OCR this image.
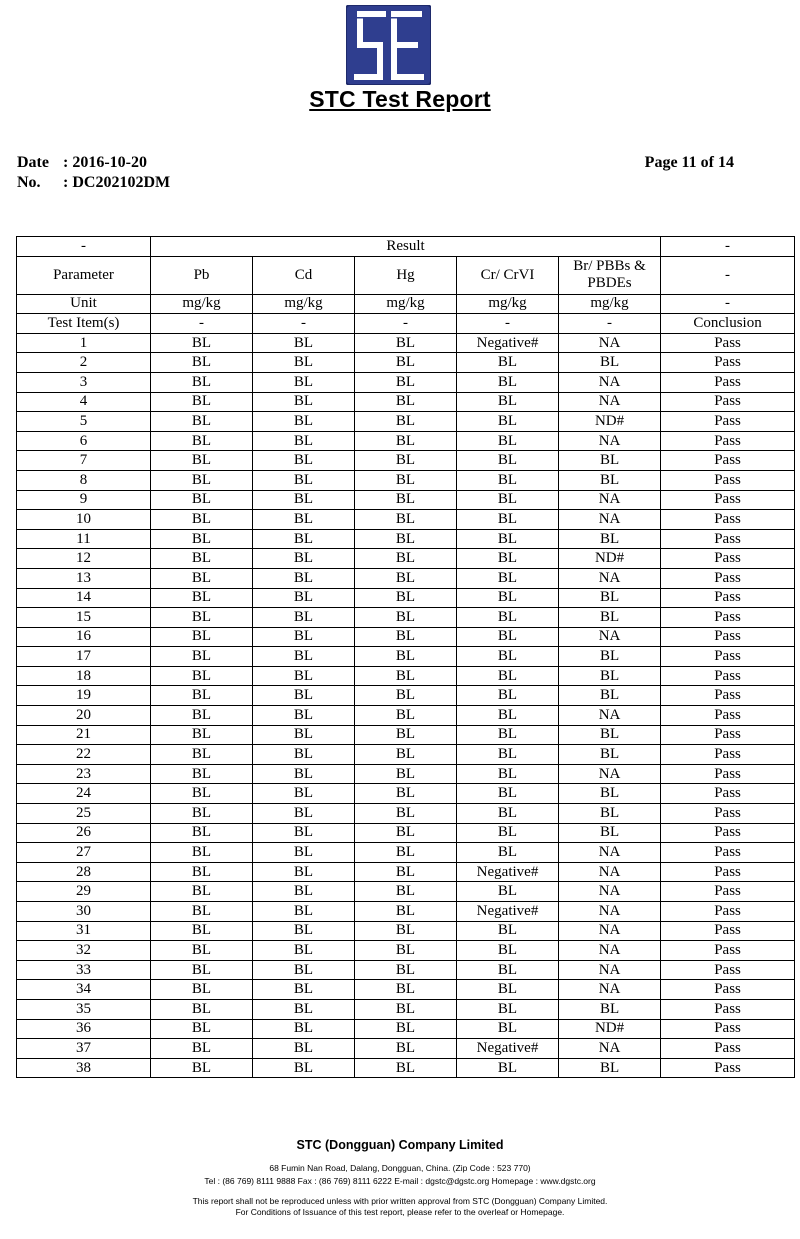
STC Test Report
Date : 2016-10-20
No. : DC202102DM
Page 11 of 14
-	Result					-
Parameter	Pb	Cd	Hg	Cr/ CrVI	Br/ PBBs & PBDEs	-
Unit	mg/kg	mg/kg	mg/kg	mg/kg	mg/kg	-
Test Item(s)	-	-	-	-	-	Conclusion
1	BL	BL	BL	Negative#	NA	Pass
2	BL	BL	BL	BL	BL	Pass
3	BL	BL	BL	BL	NA	Pass
4	BL	BL	BL	BL	NA	Pass
5	BL	BL	BL	BL	ND#	Pass
6	BL	BL	BL	BL	NA	Pass
7	BL	BL	BL	BL	BL	Pass
8	BL	BL	BL	BL	BL	Pass
9	BL	BL	BL	BL	NA	Pass
10	BL	BL	BL	BL	NA	Pass
11	BL	BL	BL	BL	BL	Pass
12	BL	BL	BL	BL	ND#	Pass
13	BL	BL	BL	BL	NA	Pass
14	BL	BL	BL	BL	BL	Pass
15	BL	BL	BL	BL	BL	Pass
16	BL	BL	BL	BL	NA	Pass
17	BL	BL	BL	BL	BL	Pass
18	BL	BL	BL	BL	BL	Pass
19	BL	BL	BL	BL	BL	Pass
20	BL	BL	BL	BL	NA	Pass
21	BL	BL	BL	BL	BL	Pass
22	BL	BL	BL	BL	BL	Pass
23	BL	BL	BL	BL	NA	Pass
24	BL	BL	BL	BL	BL	Pass
25	BL	BL	BL	BL	BL	Pass
26	BL	BL	BL	BL	BL	Pass
27	BL	BL	BL	BL	NA	Pass
28	BL	BL	BL	Negative#	NA	Pass
29	BL	BL	BL	BL	NA	Pass
30	BL	BL	BL	Negative#	NA	Pass
31	BL	BL	BL	BL	NA	Pass
32	BL	BL	BL	BL	NA	Pass
33	BL	BL	BL	BL	NA	Pass
34	BL	BL	BL	BL	NA	Pass
35	BL	BL	BL	BL	BL	Pass
36	BL	BL	BL	BL	ND#	Pass
37	BL	BL	BL	Negative#	NA	Pass
38	BL	BL	BL	BL	BL	Pass
STC (Dongguan) Company Limited
68 Fumin Nan Road, Dalang, Dongguan, China. (Zip Code : 523 770)
Tel : (86 769) 8111 9888 Fax : (86 769) 8111 6222 E-mail : dgstc@dgstc.org Homepage : www.dgstc.org
This report shall not be reproduced unless with prior written approval from STC (Dongguan) Company Limited.
For Conditions of Issuance of this test report, please refer to the overleaf or Homepage.
